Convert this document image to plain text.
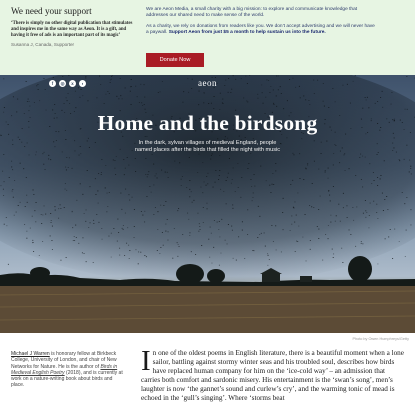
We need your support
‘There is simply no other digital publication that stimulates and inspires me in the same way as Aeon. It is a gift, and having it free of ads is an important part of its magic’
Susanna J, Canada, Supporter

We are Aeon Media, a small charity with a big mission: to explore and communicate knowledge that addresses our shared need to make sense of the world.

As a charity, we rely on donations from readers like you. We don’t accept advertising and we will never have a paywall. Support Aeon from just $5 a month to help sustain us into the future.

Donate Now
f	◎	x	◗	aeon
Home and the birdsong

In the dark, sylvan villages of medieval England, people named places after the birds that filled the night with music

Photo by Owen Humphreys/Getty
Michael J Warren is honorary fellow at Birkbeck College, University of London, and chair of New Networks for Nature. He is the author of Birds in Medieval English Poetry (2018), and is currently at work on a nature-writing book about birds and place.
In one of the oldest poems in English literature, there is a beautiful moment when a lone sailor, battling against stormy winter seas and his troubled soul, describes how birds have replaced human company for him on the ‘ice-cold way’ – an admission that carries both comfort and sardonic misery. His entertainment is the ‘swan’s song’, men’s laughter is now ‘the gannet’s sound and curlew’s cry’, and the warming tonic of mead is echoed in the ‘gull’s singing’. Where ‘storms beat
